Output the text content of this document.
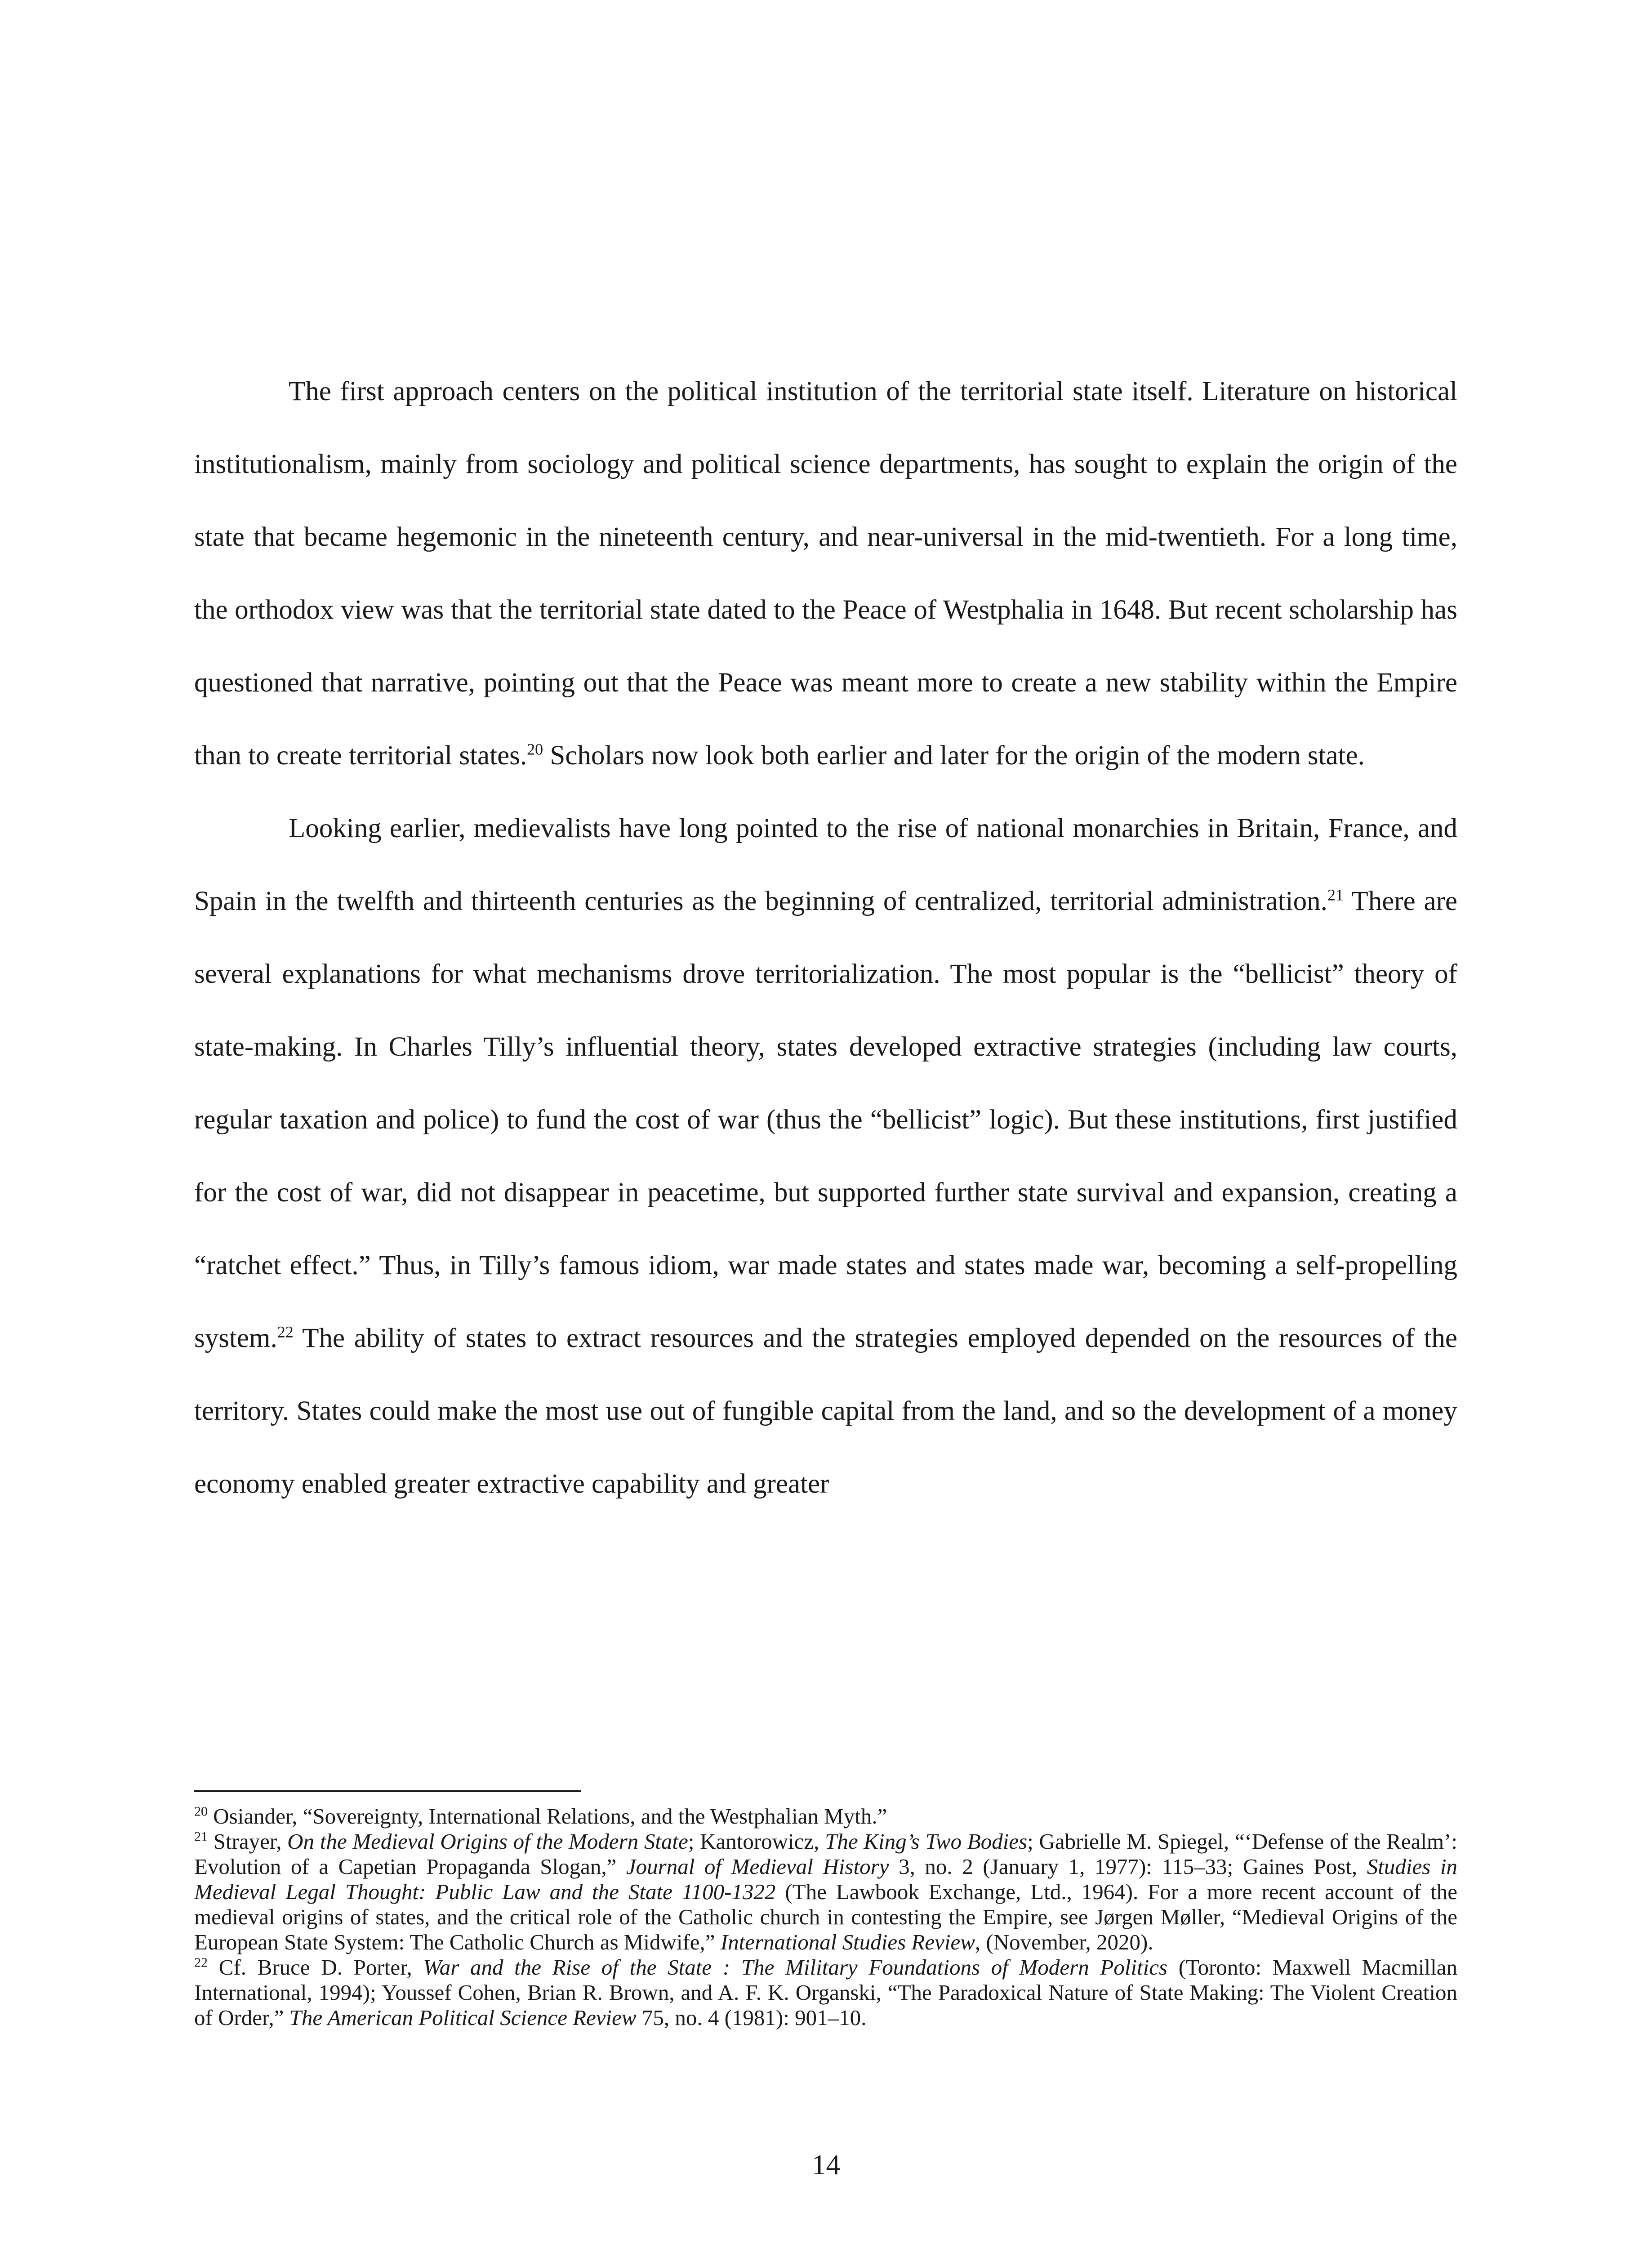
The first approach centers on the political institution of the territorial state itself. Literature on historical institutionalism, mainly from sociology and political science departments, has sought to explain the origin of the state that became hegemonic in the nineteenth century, and near-universal in the mid-twentieth. For a long time, the orthodox view was that the territorial state dated to the Peace of Westphalia in 1648. But recent scholarship has questioned that narrative, pointing out that the Peace was meant more to create a new stability within the Empire than to create territorial states.$^{20}$ Scholars now look both earlier and later for the origin of the modern state.

Looking earlier, medievalists have long pointed to the rise of national monarchies in Britain, France, and Spain in the twelfth and thirteenth centuries as the beginning of centralized, territorial administration.$^{21}$ There are several explanations for what mechanisms drove territorialization. The most popular is the “bellicist” theory of state-making. In Charles Tilly’s influential theory, states developed extractive strategies (including law courts, regular taxation and police) to fund the cost of war (thus the “bellicist” logic). But these institutions, first justified for the cost of war, did not disappear in peacetime, but supported further state survival and expansion, creating a “ratchet effect.” Thus, in Tilly’s famous idiom, war made states and states made war, becoming a self-propelling system.$^{22}$ The ability of states to extract resources and the strategies employed depended on the resources of the territory. States could make the most use out of fungible capital from the land, and so the development of a money economy enabled greater extractive capability and greater

$^{20}$ Osiander, “Sovereignty, International Relations, and the Westphalian Myth.”

$^{21}$ Strayer, On the Medieval Origins of the Modern State; Kantorowicz, The King’s Two Bodies; Gabrielle M. Spiegel, “‘Defense of the Realm’: Evolution of a Capetian Propaganda Slogan,” Journal of Medieval History 3, no. 2 (January 1, 1977): 115–33; Gaines Post, Studies in Medieval Legal Thought: Public Law and the State 1100-1322 (The Lawbook Exchange, Ltd., 1964). For a more recent account of the medieval origins of states, and the critical role of the Catholic church in contesting the Empire, see Jørgen Møller, “Medieval Origins of the European State System: The Catholic Church as Midwife,” International Studies Review, (November, 2020).

$^{22}$ Cf. Bruce D. Porter, War and the Rise of the State : The Military Foundations of Modern Politics (Toronto: Maxwell Macmillan International, 1994); Youssef Cohen, Brian R. Brown, and A. F. K. Organski, “The Paradoxical Nature of State Making: The Violent Creation of Order,” The American Political Science Review 75, no. 4 (1981): 901–10.

14
